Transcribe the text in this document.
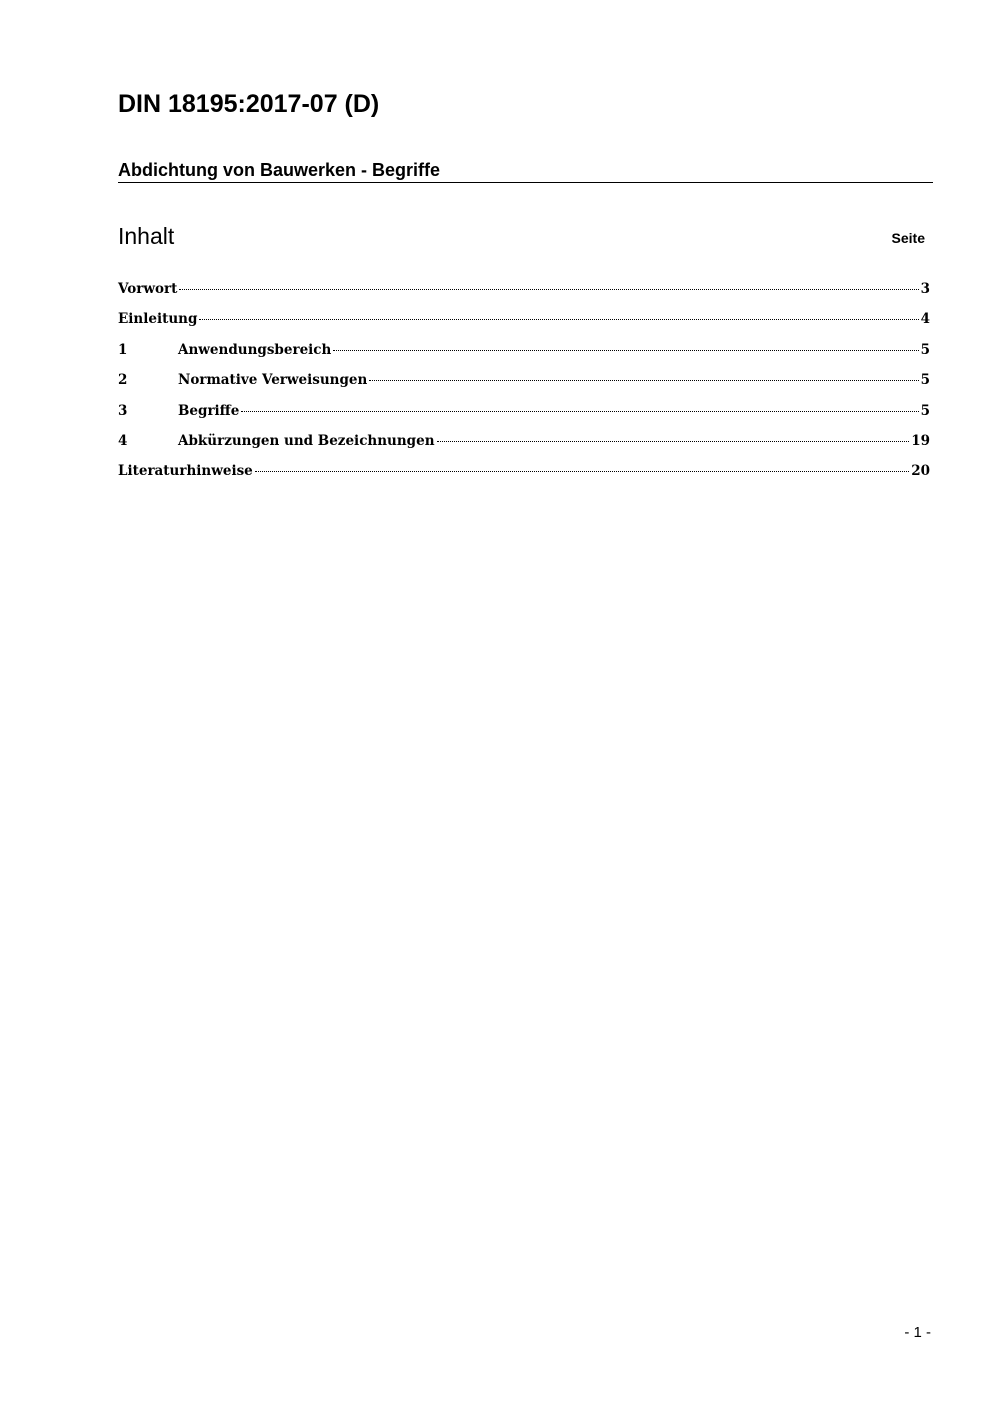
DIN 18195:2017-07 (D)
Abdichtung von Bauwerken - Begriffe
Inhalt	Seite
Vorwort	3
Einleitung	4
1	Anwendungsbereich	5
2	Normative Verweisungen	5
3	Begriffe	5
4	Abkürzungen und Bezeichnungen	19
Literaturhinweise	20
- 1 -
